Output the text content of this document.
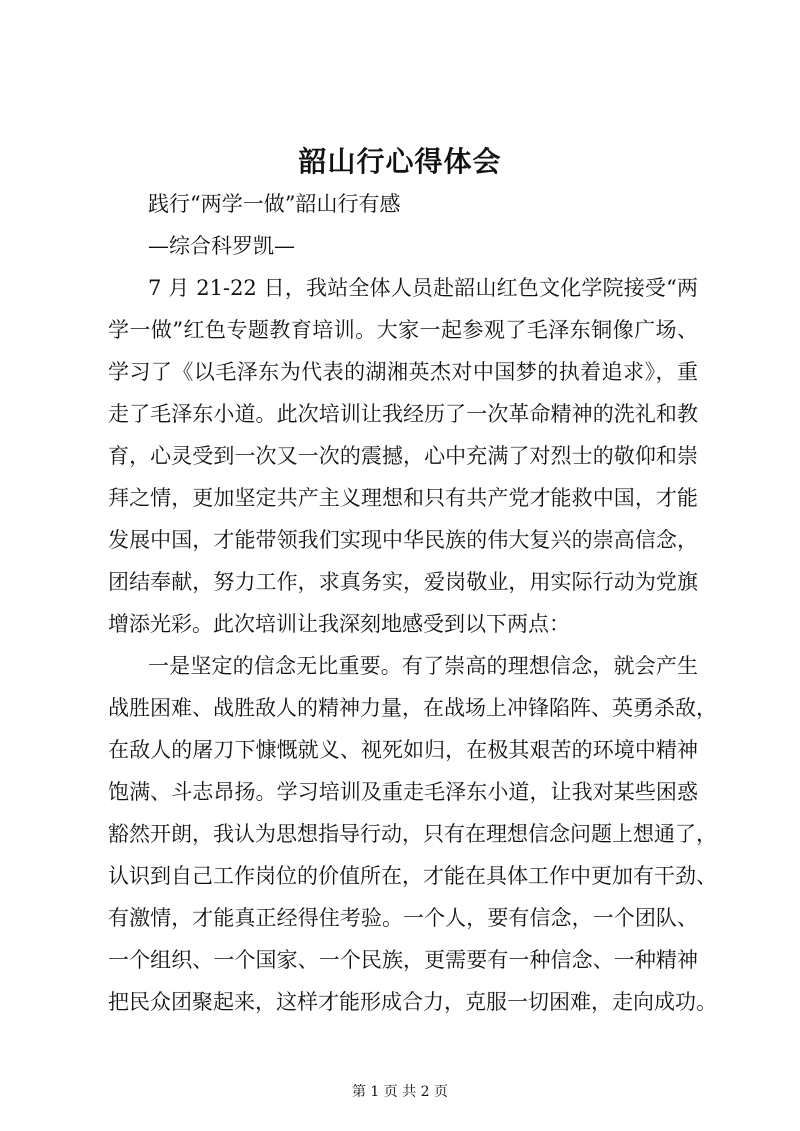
韶山行心得体会
践行“两学一做”韶山行有感
—综合科罗凯—
7 月 21-22 日，我站全体人员赴韶山红色文化学院接受“两
学一做”红色专题教育培训。大家一起参观了毛泽东铜像广场、
学习了《以毛泽东为代表的湖湘英杰对中国梦的执着追求》，重
走了毛泽东小道。此次培训让我经历了一次革命精神的洗礼和教
育，心灵受到一次又一次的震撼，心中充满了对烈士的敬仰和崇
拜之情，更加坚定共产主义理想和只有共产党才能救中国，才能
发展中国，才能带领我们实现中华民族的伟大复兴的崇高信念，
团结奉献，努力工作，求真务实，爱岗敬业，用实际行动为党旗
增添光彩。此次培训让我深刻地感受到以下两点：
一是坚定的信念无比重要。有了崇高的理想信念，就会产生
战胜困难、战胜敌人的精神力量，在战场上冲锋陷阵、英勇杀敌，
在敌人的屠刀下慷慨就义、视死如归，在极其艰苦的环境中精神
饱满、斗志昂扬。学习培训及重走毛泽东小道，让我对某些困惑
豁然开朗，我认为思想指导行动，只有在理想信念问题上想通了，
认识到自己工作岗位的价值所在，才能在具体工作中更加有干劲、
有激情，才能真正经得住考验。一个人，要有信念，一个团队、
一个组织、一个国家、一个民族，更需要有一种信念、一种精神
把民众团聚起来，这样才能形成合力，克服一切困难，走向成功。
第 1 页 共 2 页
